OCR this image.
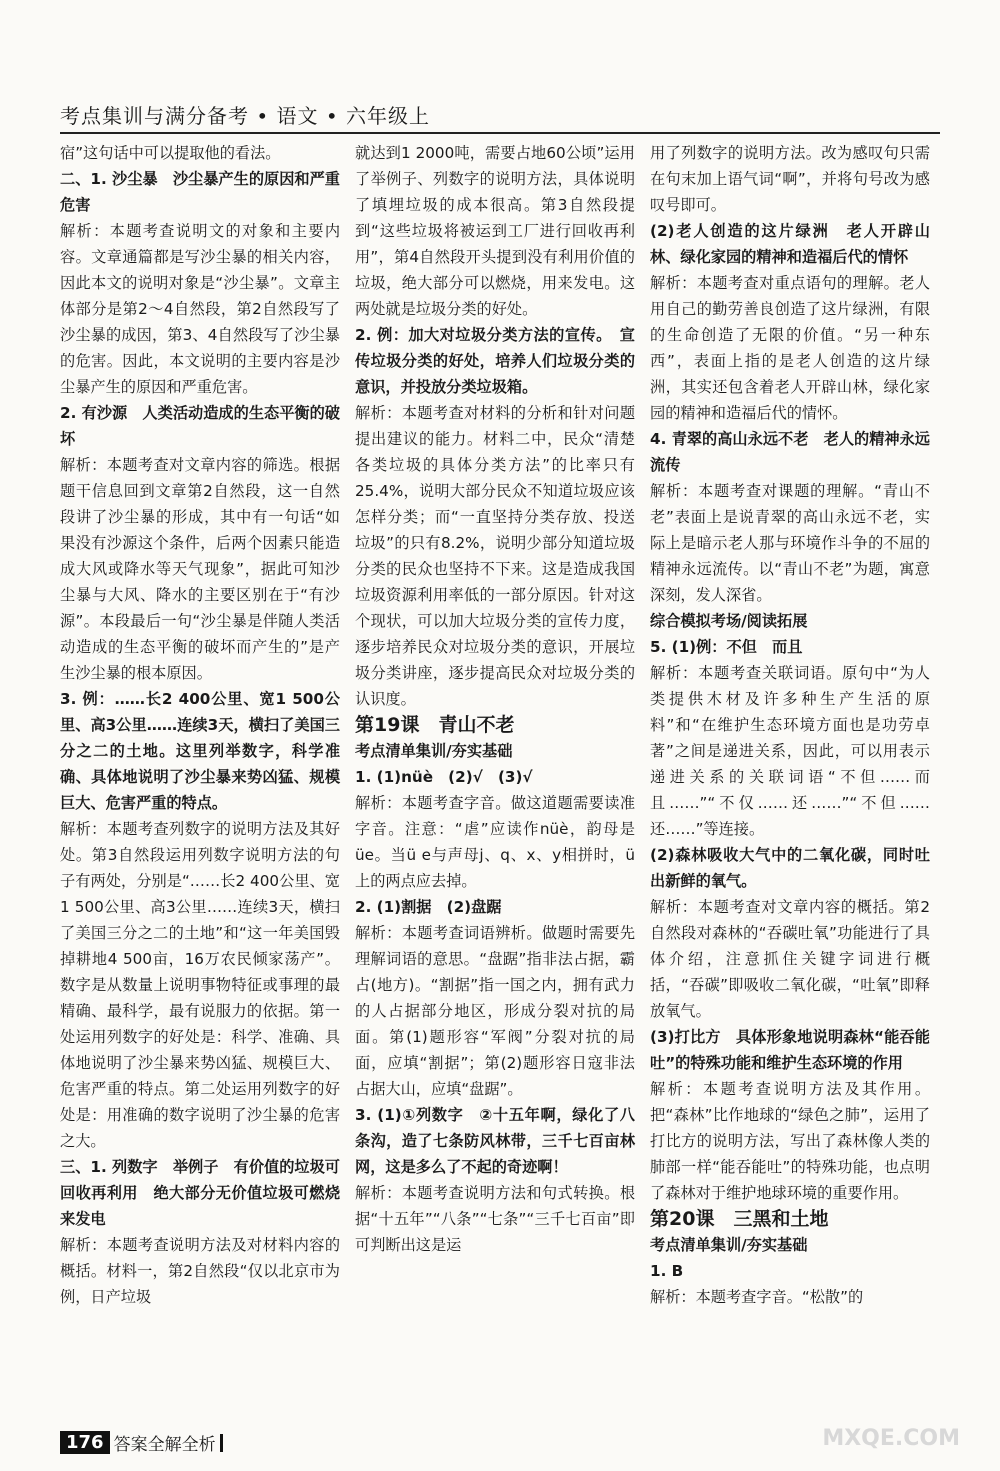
考点集训与满分备考 • 语文 • 六年级上

宿”这句话中可以提取他的看法。

二、1. 沙尘暴　沙尘暴产生的原因和严重危害

解析：本题考查说明文的对象和主要内容。文章通篇都是写沙尘暴的相关内容，因此本文的说明对象是“沙尘暴”。文章主体部分是第2～4自然段，第2自然段写了沙尘暴的成因，第3、4自然段写了沙尘暴的危害。因此，本文说明的主要内容是沙尘暴产生的原因和严重危害。

2. 有沙源　人类活动造成的生态平衡的破坏

解析：本题考查对文章内容的筛选。根据题干信息回到文章第2自然段，这一自然段讲了沙尘暴的形成，其中有一句话“如果没有沙源这个条件，后两个因素只能造成大风或降水等天气现象”，据此可知沙尘暴与大风、降水的主要区别在于“有沙源”。本段最后一句“沙尘暴是伴随人类活动造成的生态平衡的破坏而产生的”是产生沙尘暴的根本原因。

3. 例：……长2 400公里、宽1 500公里、高3公里……连续3天，横扫了美国三分之二的土地。这里列举数字，科学准确、具体地说明了沙尘暴来势凶猛、规模巨大、危害严重的特点。

解析：本题考查列数字的说明方法及其好处。第3自然段运用列数字说明方法的句子有两处，分别是“……长2 400公里、宽1 500公里、高3公里……连续3天，横扫了美国三分之二的土地”和“这一年美国毁掉耕地4 500亩，16万农民倾家荡产”。数字是从数量上说明事物特征或事理的最精确、最科学，最有说服力的依据。第一处运用列数字的好处是：科学、准确、具体地说明了沙尘暴来势凶猛、规模巨大、危害严重的特点。第二处运用列数字的好处是：用准确的数字说明了沙尘暴的危害之大。

三、1. 列数字　举例子　有价值的垃圾可回收再利用　绝大部分无价值垃圾可燃烧来发电

解析：本题考查说明方法及对材料内容的概括。材料一，第2自然段“仅以北京市为例，日产垃圾

就达到1 2000吨，需要占地60公顷”运用了举例子、列数字的说明方法，具体说明了填埋垃圾的成本很高。第3自然段提到“这些垃圾将被运到工厂进行回收再利用”，第4自然段开头提到没有利用价值的垃圾，绝大部分可以燃烧，用来发电。这两处就是垃圾分类的好处。

2. 例：加大对垃圾分类方法的宣传。　宣传垃圾分类的好处，培养人们垃圾分类的意识，并投放分类垃圾箱。

解析：本题考查对材料的分析和针对问题提出建议的能力。材料二中，民众“清楚各类垃圾的具体分类方法”的比率只有25.4%，说明大部分民众不知道垃圾应该怎样分类；而“一直坚持分类存放、投送垃圾”的只有8.2%，说明少部分知道垃圾分类的民众也坚持不下来。这是造成我国垃圾资源利用率低的一部分原因。针对这个现状，可以加大垃圾分类的宣传力度，逐步培养民众对垃圾分类的意识，开展垃圾分类讲座，逐步提高民众对垃圾分类的认识度。

第19课　青山不老

考点清单集训/夯实基础

1. (1)nüè　(2)√　(3)√

解析：本题考查字音。做这道题需要读准字音。注意：“虐”应读作nüè，韵母是üe。当ü e与声母j、q、x、y相拼时，ü上的两点应去掉。

2. (1)割据　(2)盘踞

解析：本题考查词语辨析。做题时需要先理解词语的意思。“盘踞”指非法占据，霸占(地方)。“割据”指一国之内，拥有武力的人占据部分地区，形成分裂对抗的局面。第(1)题形容“军阀”分裂对抗的局面，应填“割据”；第(2)题形容日寇非法占据大山，应填“盘踞”。

3. (1)①列数字　②十五年啊，绿化了八条沟，造了七条防风林带，三千七百亩林网，这是多么了不起的奇迹啊！

解析：本题考查说明方法和句式转换。根据“十五年”“八条”“七条”“三千七百亩”即可判断出这是运

用了列数字的说明方法。改为感叹句只需在句末加上语气词“啊”，并将句号改为感叹号即可。

(2)老人创造的这片绿洲　老人开辟山林、绿化家园的精神和造福后代的情怀

解析：本题考查对重点语句的理解。老人用自己的勤劳善良创造了这片绿洲，有限的生命创造了无限的价值。“另一种东西”，表面上指的是老人创造的这片绿洲，其实还包含着老人开辟山林，绿化家园的精神和造福后代的情怀。

4. 青翠的高山永远不老　老人的精神永远流传

解析：本题考查对课题的理解。“青山不老”表面上是说青翠的高山永远不老，实际上是暗示老人那与环境作斗争的不屈的精神永远流传。以“青山不老”为题，寓意深刻，发人深省。

综合模拟考场/阅读拓展

5. (1)例：不但　而且

解析：本题考查关联词语。原句中“为人类提供木材及许多种生产生活的原料”和“在维护生态环境方面也是功劳卓著”之间是递进关系，因此，可以用表示递进关系的关联词语“不但……而且……”“不仅……还……”“不但……还……”等连接。

(2)森林吸收大气中的二氧化碳，同时吐出新鲜的氧气。

解析：本题考查对文章内容的概括。第2自然段对森林的“吞碳吐氧”功能进行了具体介绍，注意抓住关键字词进行概括，“吞碳”即吸收二氧化碳，“吐氧”即释放氧气。

(3)打比方　具体形象地说明森林“能吞能吐”的特殊功能和维护生态环境的作用

解析：本题考查说明方法及其作用。把“森林”比作地球的“绿色之肺”，运用了打比方的说明方法，写出了森林像人类的肺部一样“能吞能吐”的特殊功能，也点明了森林对于维护地球环境的重要作用。

第20课　三黑和土地

考点清单集训/夯实基础

1. B

解析：本题考查字音。“松散”的

176 答案全解全析	MXQE.COM
